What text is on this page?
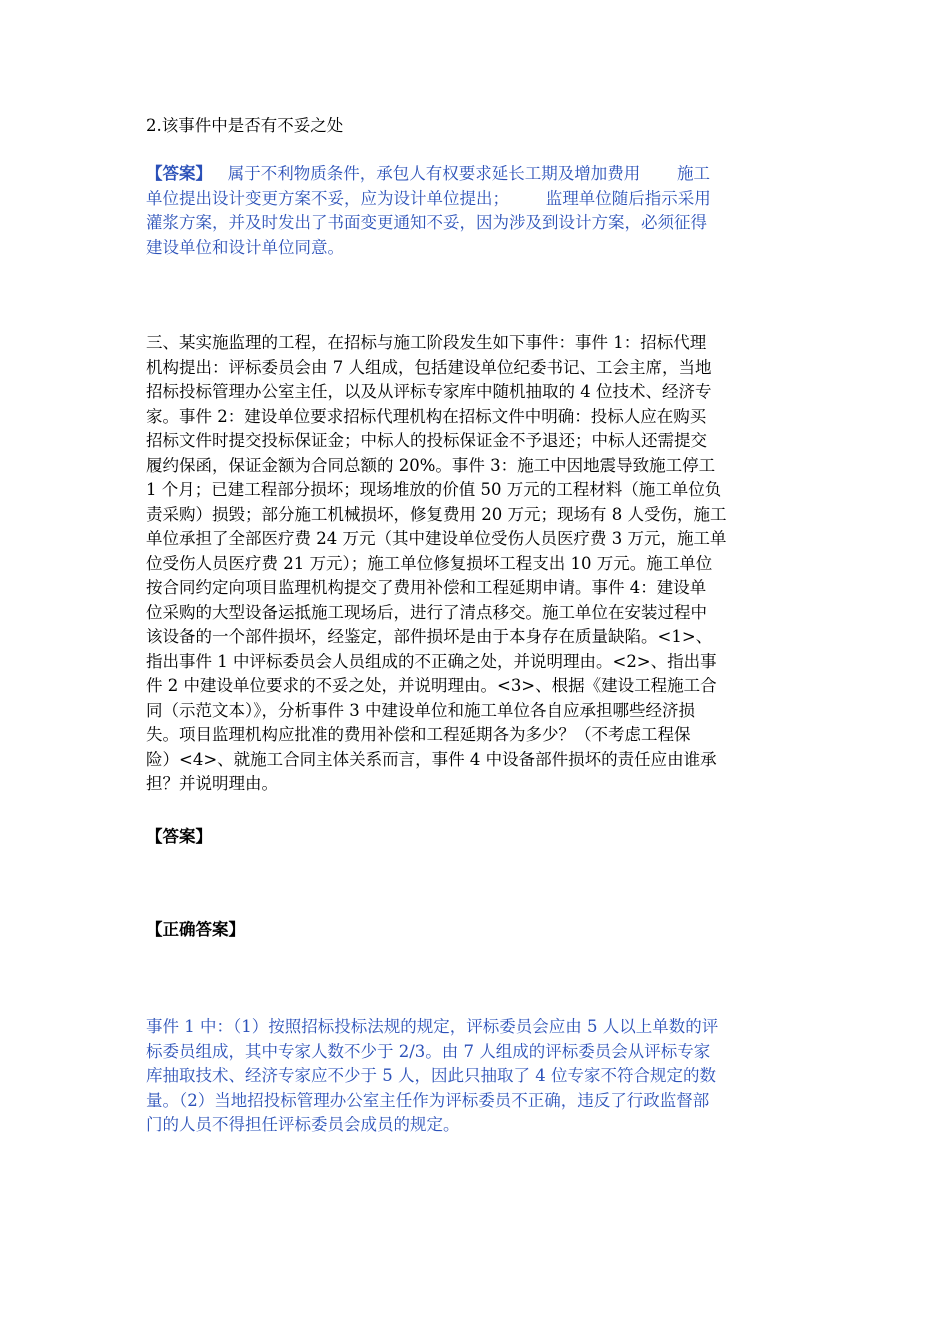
2.该事件中是否有不妥之处
【答案】   属于不利物质条件，承包人有权要求延长工期及增加费用       施工
单位提出设计变更方案不妥，应为设计单位提出；       监理单位随后指示采用
灌浆方案，并及时发出了书面变更通知不妥，因为涉及到设计方案，必须征得
建设单位和设计单位同意。
三、某实施监理的工程，在招标与施工阶段发生如下事件：事件 1：招标代理
机构提出：评标委员会由 7 人组成，包括建设单位纪委书记、工会主席，当地
招标投标管理办公室主任，以及从评标专家库中随机抽取的 4 位技术、经济专
家。事件 2：建设单位要求招标代理机构在招标文件中明确：投标人应在购买
招标文件时提交投标保证金；中标人的投标保证金不予退还；中标人还需提交
履约保函，保证金额为合同总额的 20%。事件 3：施工中因地震导致施工停工
1 个月；已建工程部分损坏；现场堆放的价值 50 万元的工程材料（施工单位负
责采购）损毁；部分施工机械损坏，修复费用 20 万元；现场有 8 人受伤，施工
单位承担了全部医疗费 24 万元（其中建设单位受伤人员医疗费 3 万元，施工单
位受伤人员医疗费 21 万元）；施工单位修复损坏工程支出 10 万元。施工单位
按合同约定向项目监理机构提交了费用补偿和工程延期申请。事件 4：建设单
位采购的大型设备运抵施工现场后，进行了清点移交。施工单位在安装过程中
该设备的一个部件损坏，经鉴定，部件损坏是由于本身存在质量缺陷。<1>、
指出事件 1 中评标委员会人员组成的不正确之处，并说明理由。<2>、指出事
件 2 中建设单位要求的不妥之处，并说明理由。<3>、根据《建设工程施工合
同（示范文本）》，分析事件 3 中建设单位和施工单位各自应承担哪些经济损
失。项目监理机构应批准的费用补偿和工程延期各为多少？（不考虑工程保
险）<4>、就施工合同主体关系而言，事件 4 中设备部件损坏的责任应由谁承
担？并说明理由。
【答案】
【正确答案】
事件 1 中：（1）按照招标投标法规的规定，评标委员会应由 5 人以上单数的评
标委员组成，其中专家人数不少于 2/3。由 7 人组成的评标委员会从评标专家
库抽取技术、经济专家应不少于 5 人，因此只抽取了 4 位专家不符合规定的数
量。（2）当地招投标管理办公室主任作为评标委员不正确，违反了行政监督部
门的人员不得担任评标委员会成员的规定。
